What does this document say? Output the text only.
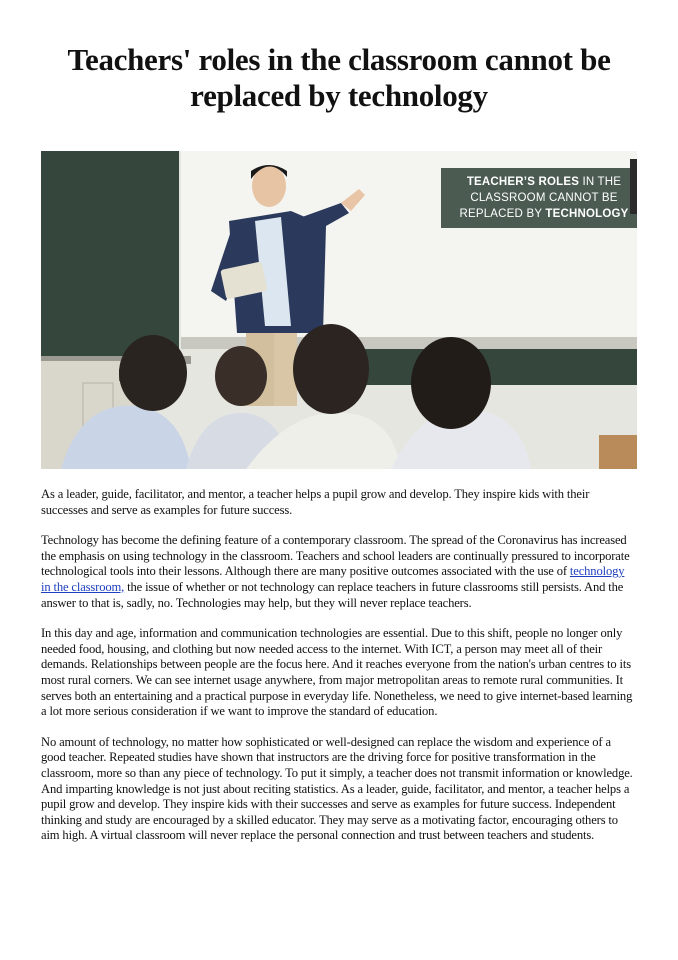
Teachers' roles in the classroom cannot be replaced by technology
TEACHER’S ROLES IN THE CLASSROOM CANNOT BE REPLACED BY TECHNOLOGY

As a leader, guide, facilitator, and mentor, a teacher helps a pupil grow and develop. They inspire kids with their successes and serve as examples for future success.

Technology has become the defining feature of a contemporary classroom. The spread of the Coronavirus has increased the emphasis on using technology in the classroom. Teachers and school leaders are continually pressured to incorporate technological tools into their lessons. Although there are many positive outcomes associated with the use of technology in the classroom, the issue of whether or not technology can replace teachers in future classrooms still persists. And the answer to that is, sadly, no. Technologies may help, but they will never replace teachers.

In this day and age, information and communication technologies are essential. Due to this shift, people no longer only needed food, housing, and clothing but now needed access to the internet. With ICT, a person may meet all of their demands. Relationships between people are the focus here. And it reaches everyone from the nation's urban centres to its most rural corners. We can see internet usage anywhere, from major metropolitan areas to remote rural communities. It serves both an entertaining and a practical purpose in everyday life. Nonetheless, we need to give internet-based learning a lot more serious consideration if we want to improve the standard of education.

No amount of technology, no matter how sophisticated or well-designed can replace the wisdom and experience of a good teacher. Repeated studies have shown that instructors are the driving force for positive transformation in the classroom, more so than any piece of technology. To put it simply, a teacher does not transmit information or knowledge. And imparting knowledge is not just about reciting statistics. As a leader, guide, facilitator, and mentor, a teacher helps a pupil grow and develop. They inspire kids with their successes and serve as examples for future success. Independent thinking and study are encouraged by a skilled educator. They may serve as a motivating factor, encouraging others to aim high. A virtual classroom will never replace the personal connection and trust between teachers and students.
